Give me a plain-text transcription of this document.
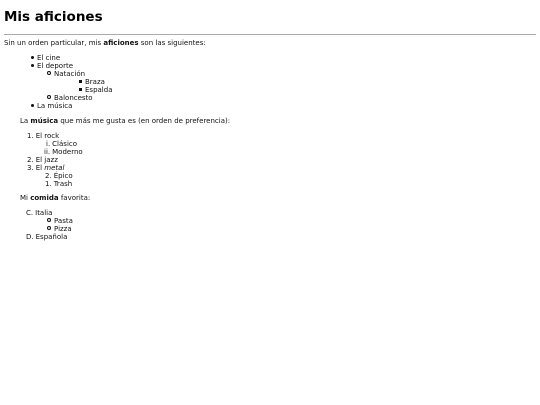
Mis aficiones
Sin un orden particular, mis aficiones son las siguientes:
El cine
El deporte
Natación
Braza
Espalda
Baloncesto
La música
La música que más me gusta es (en orden de preferencia):
1. El rock
i. Clásico
ii. Moderno
2. El jazz
3. El metal
2. Épico
1. Trash
Mi comida favorita:
C. Italia
Pasta
Pizza
D. Española
